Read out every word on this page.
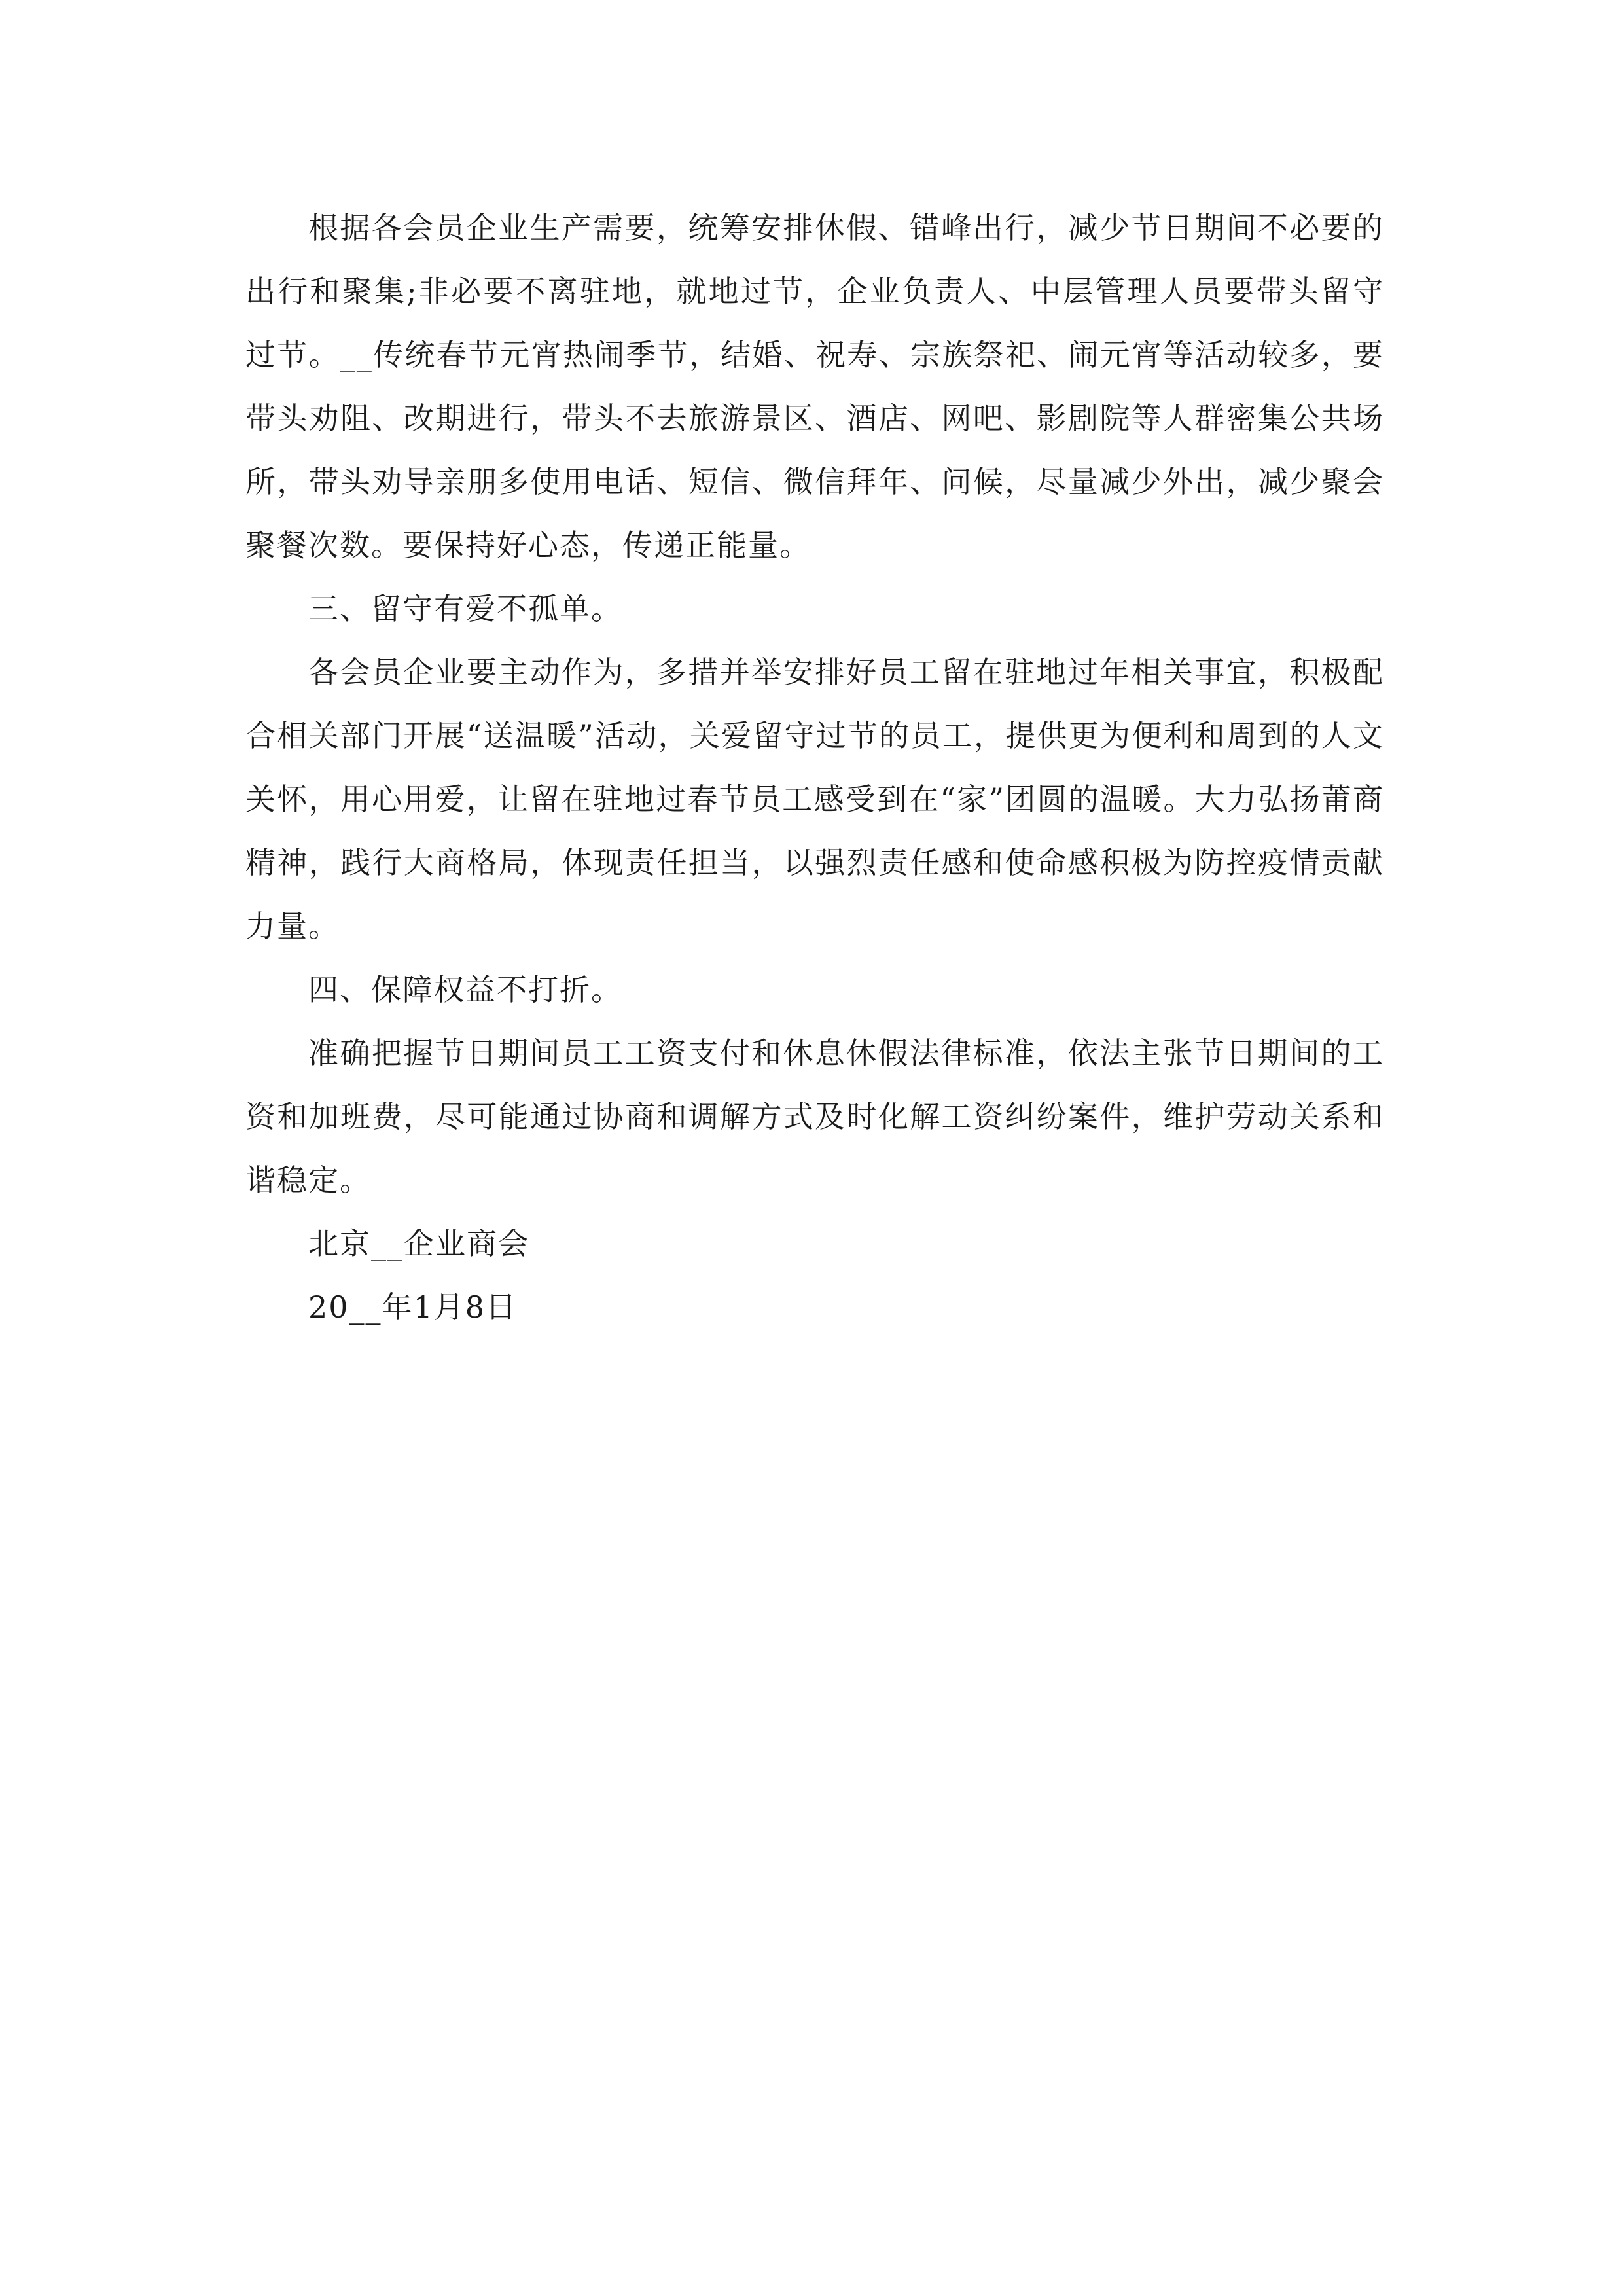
根据各会员企业生产需要，统筹安排休假、错峰出行，减少节日期间不必要的出行和聚集;非必要不离驻地，就地过节，企业负责人、中层管理人员要带头留守过节。__传统春节元宵热闹季节，结婚、祝寿、宗族祭祀、闹元宵等活动较多，要带头劝阻、改期进行，带头不去旅游景区、酒店、网吧、影剧院等人群密集公共场所，带头劝导亲朋多使用电话、短信、微信拜年、问候，尽量减少外出，减少聚会聚餐次数。要保持好心态，传递正能量。

三、留守有爱不孤单。

各会员企业要主动作为，多措并举安排好员工留在驻地过年相关事宜，积极配合相关部门开展“送温暖”活动，关爱留守过节的员工，提供更为便利和周到的人文关怀，用心用爱，让留在驻地过春节员工感受到在“家”团圆的温暖。大力弘扬莆商精神，践行大商格局，体现责任担当，以强烈责任感和使命感积极为防控疫情贡献力量。

四、保障权益不打折。

准确把握节日期间员工工资支付和休息休假法律标准，依法主张节日期间的工资和加班费，尽可能通过协商和调解方式及时化解工资纠纷案件，维护劳动关系和谐稳定。

北京__企业商会

20__年1月8日
